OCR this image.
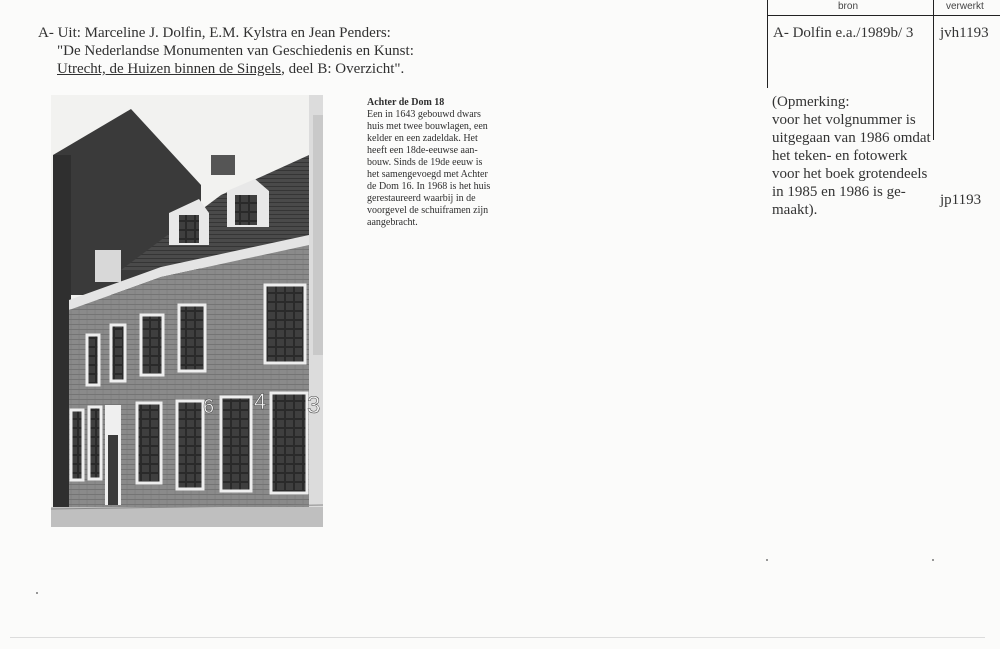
A- Uit: Marceline J. Dolfin, E.M. Kylstra en Jean Penders:
"De Nederlandse Monumenten van Geschiedenis en Kunst:
Utrecht, de Huizen binnen de Singels, deel B: Overzicht".
6 4 3
Achter de Dom 18
Een in 1643 gebouwd dwars
huis met twee bouwlagen, een
kelder en een zadeldak. Het
heeft een 18de-eeuwse aan-
bouw. Sinds de 19de eeuw is
het samengevoegd met Achter
de Dom 16. In 1968 is het huis
gerestaureerd waarbij in de
voorgevel de schuiframen zijn
aangebracht.
bron	verwerkt
A- Dolfin e.a./1989b/ 3 jvh1193
jp1193
(Opmerking:
voor het volgnummer is
uitgegaan van 1986 omdat
het teken- en fotowerk
voor het boek grotendeels
in 1985 en 1986 is ge-
maakt).
